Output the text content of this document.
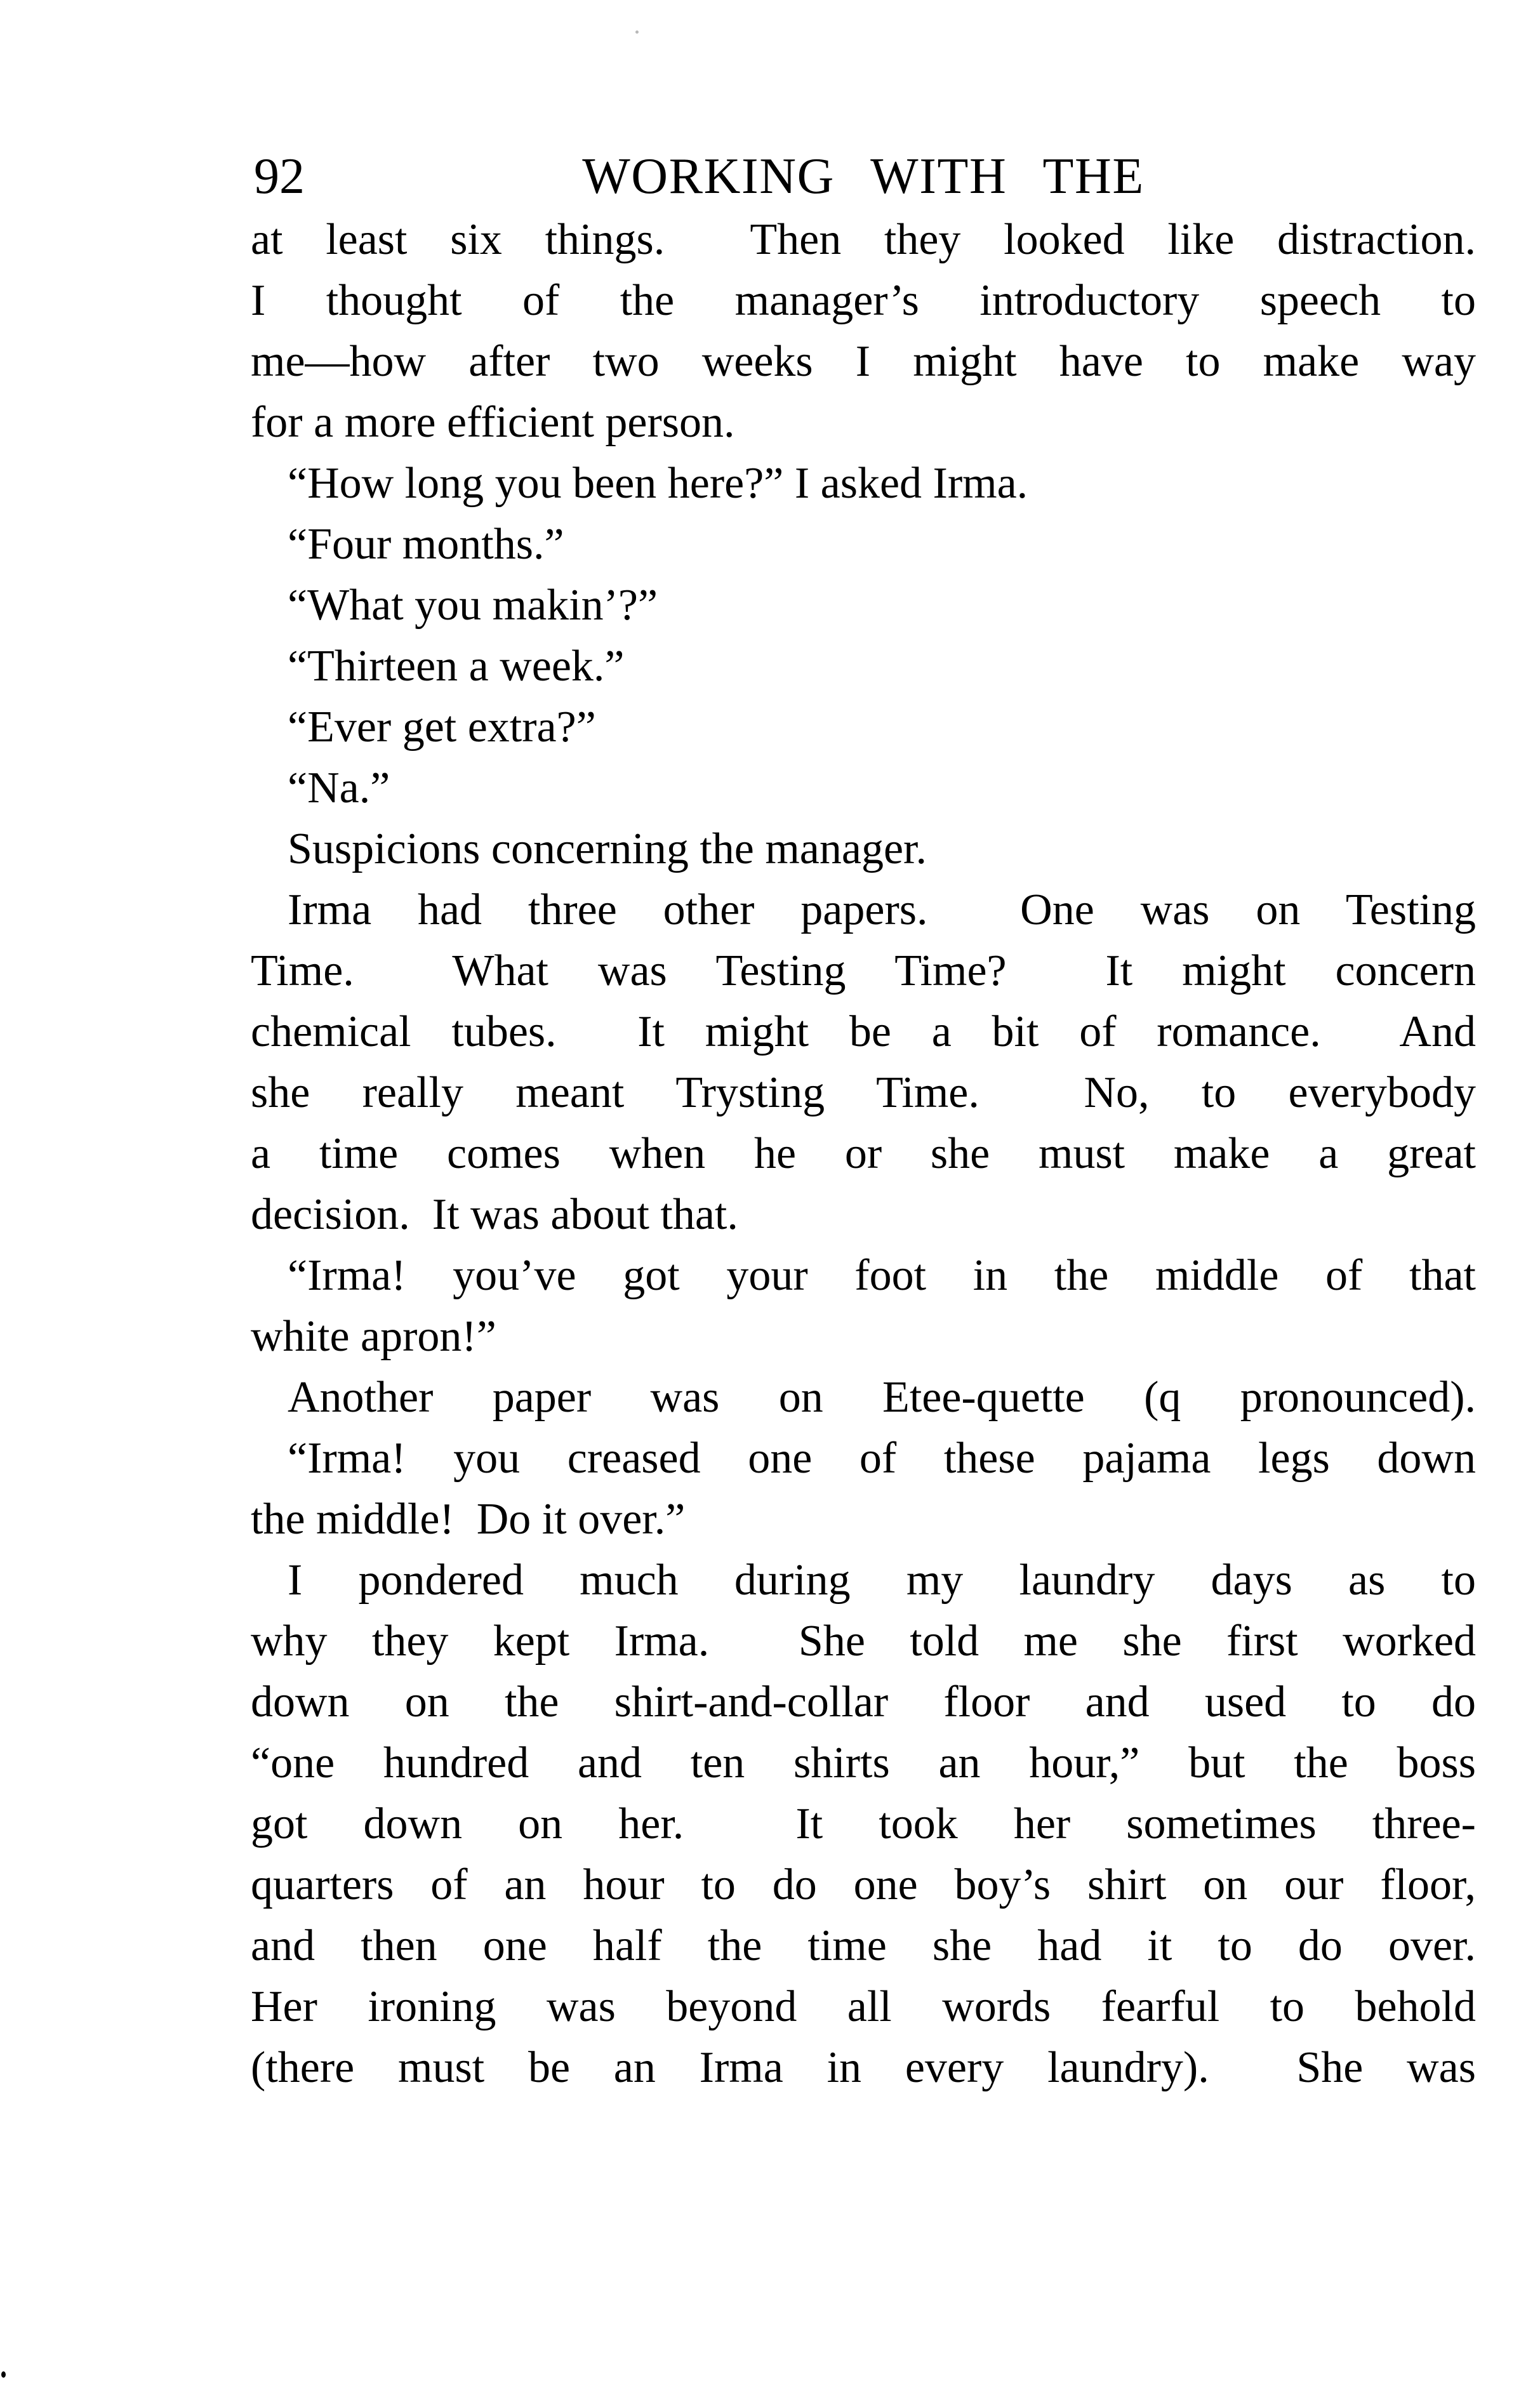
92	WORKING WITH THE
at least six things.  Then they looked like distraction.
I thought of the manager’s introductory speech to
me—how after two weeks I might have to make way
for a more efficient person.
“How long you been here?” I asked Irma.
“Four months.”
“What you makin’?”
“Thirteen a week.”
“Ever get extra?”
“Na.”
Suspicions concerning the manager.
Irma had three other papers.  One was on Testing
Time.  What was Testing Time?  It might concern
chemical tubes.  It might be a bit of romance.  And
she really meant Trysting Time.  No, to everybody
a time comes when he or she must make a great
decision.  It was about that.
“Irma! you’ve got your foot in the middle of that
white apron!”
Another paper was on Etee-quette (q pronounced).
“Irma! you creased one of these pajama legs down
the middle!  Do it over.”
I pondered much during my laundry days as to
why they kept Irma.  She told me she first worked
down on the shirt-and-collar floor and used to do
“one hundred and ten shirts an hour,” but the boss
got down on her.  It took her sometimes three-
quarters of an hour to do one boy’s shirt on our floor,
and then one half the time she had it to do over.
Her ironing was beyond all words fearful to behold
(there must be an Irma in every laundry).  She was
